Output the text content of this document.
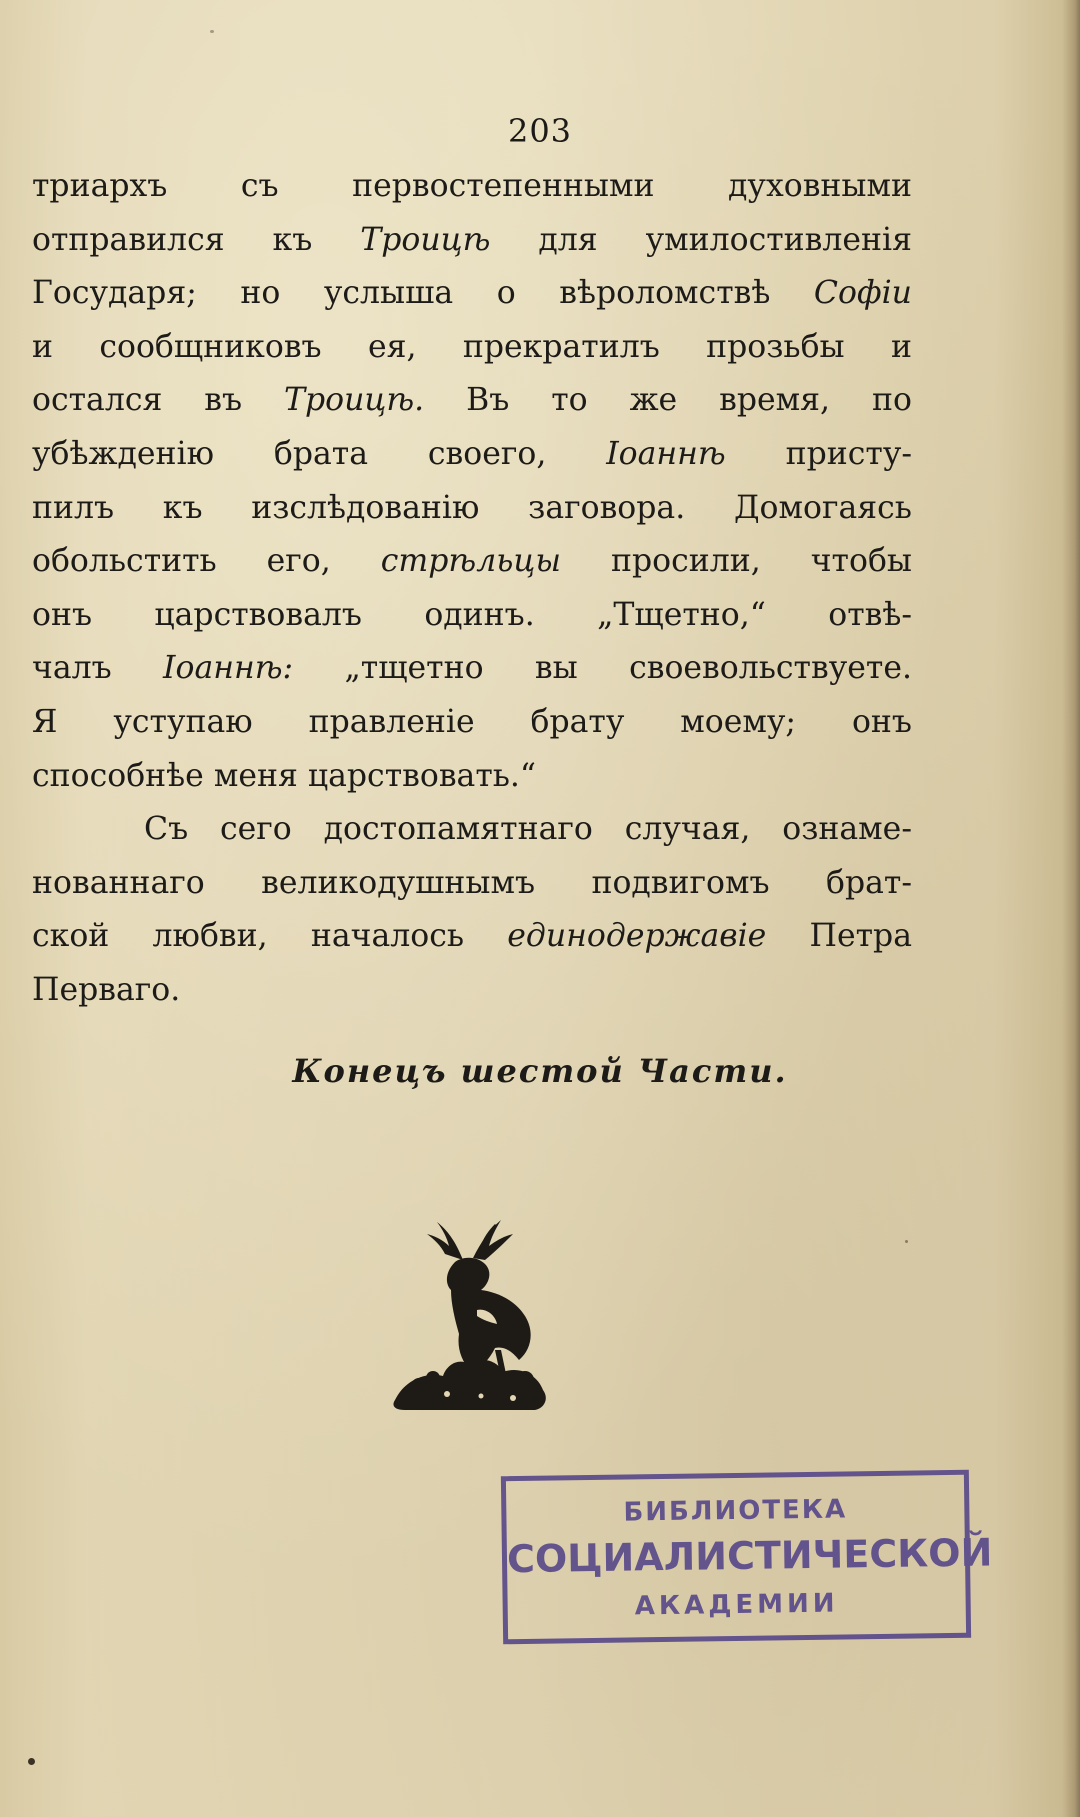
203
триархъ съ первостепенными духовными
отправился къ Троицѣ для умилостивленія
Государя; но услыша о вѣроломствѣ Софіи
и сообщниковъ ея, прекратилъ прозьбы и
остался въ Троицѣ. Въ то же время, по
убѣжденію брата своего, Іоаннѣ присту-
пилъ къ изслѣдованію заговора. Домогаясь
обольстить его, стрѣльцы просили, чтобы
онъ царствовалъ одинъ. „Тщетно,“ отвѣ-
чалъ Іоаннѣ: „тщетно вы своевольствуете.
Я уступаю правленіе брату моему; онъ
способнѣе меня царствовать.“
Съ сего достопамятнаго случая, ознаме-
нованнаго великодушнымъ подвигомъ брат-
ской любви, началось единодержавіе Петра
Перваго.
Конецъ шестой Части.
БИБЛИОТЕКА
СОЦИАЛИСТИЧЕСКОЙ
АКАДЕМИИ
